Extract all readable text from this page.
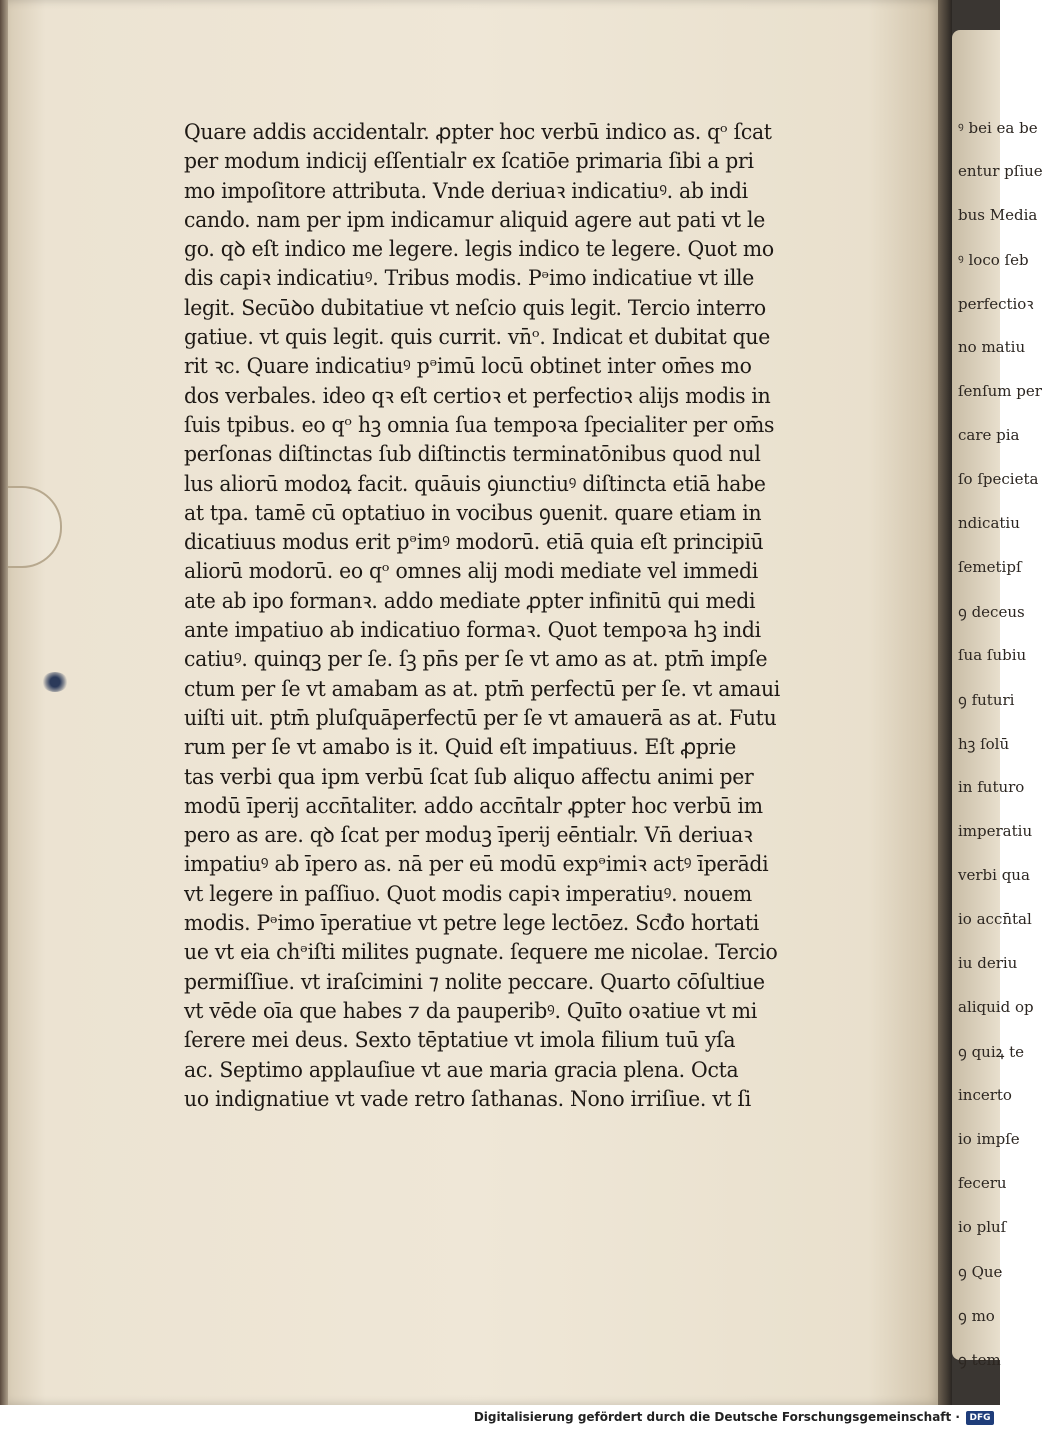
Quare addis accidentalr. ꝓpter hoc verbū indico as. qᵒ ſcat
per modum indicij eſſentialr ex ſcatiōe primaria ſibi a pri
mo impoſitore attributa. Vnde deriuaꝛ indicatiuꝰ. ab indi
cando. nam per ipm indicamur aliquid agere aut pati vt le
go. qꝺ eſt indico me legere. legis indico te legere. Quot mo
dis capiꝛ indicatiuꝰ. Tribus modis. Pᵊimo indicatiue vt ille
legit. Secūꝺo dubitatiue vt neſcio quis legit. Tercio interro
gatiue. vt quis legit. quis currit. vn̄ᵒ. Indicat et dubitat que
rit ꝛc. Quare indicatiuꝰ pᵊimū locū obtinet inter om̄es mo
dos verbales. ideo qꝛ eſt certioꝛ et perfectioꝛ alijs modis in
ſuis tpibus. eo qᵒ hꝫ omnia ſua tempoꝛa ſpecialiter per om̄s
perſonas diſtinctas ſub diſtinctis terminatōnibus quod nul
lus aliorū modoꝝ facit. quāuis ꝯiunctiuꝰ diſtincta etiā habe
at tpa. tamē cū optatiuo in vocibus ꝯuenit. quare etiam in
dicatiuus modus erit pᵊimꝰ modorū. etiā quia eſt principiū
aliorū modorū. eo qᵒ omnes alij modi mediate vel immedi
ate ab ipo formanꝛ. addo mediate ꝓpter infinitū qui medi
ante impatiuo ab indicatiuo formaꝛ. Quot tempoꝛa hꝫ indi
catiuꝰ. quinqꝫ per ſe. ſꝫ pn̄s per ſe vt amo as at. ptm̄ impſe
ctum per ſe vt amabam as at. ptm̄ perfectū per ſe. vt amaui
uiſti uit. ptm̄ pluſquāperfectū per ſe vt amauerā as at. Futu
rum per ſe vt amabo is it. Quid eſt impatiuus. Eſt ꝓprie
tas verbi qua ipm verbū ſcat ſub aliquo affectu animi per
modū īperij accn̄taliter. addo accn̄talr ꝓpter hoc verbū im
pero as are. qꝺ ſcat per moduꝫ īperij eēntialr. Vn̄ deriuaꝛ
impatiuꝰ ab īpero as. nā per eū modū expᵊimiꝛ actꝰ īperādi
vt legere in paſſiuo. Quot modis capiꝛ imperatiuꝰ. nouem
modis. Pᵊimo īperatiue vt petre lege lectōez. Scđo hortati
ue vt eia chᵊiſti milites pugnate. ſequere me nicolae. Tercio
permiſſiue. vt iraſcimini ⁊ nolite peccare. Quarto cōſultiue
vt vēde oīa que habes ⁊ da pauperibꝰ. Quīto oꝛatiue vt mi
ſerere mei deus. Sexto tēptatiue vt imola filium tuū yſa
ac. Septimo applauſiue vt aue maria gracia plena. Octa
uo indignatiue vt vade retro ſathanas. Nono irriſiue. vt ſi
ꝰ bei ea be
entur pſiue
bus Media
ꝰ loco ſeb
perfectioꝛ
no matiu
ſenſum per
care pia
ſo ſpecieta
ndicatiu
ſemetipſ
ꝯ deceus
ſua ſubiu
ꝯ futuri
hꝫ ſolū
in futuro
imperatiu
verbi qua
io accn̄tal
iu deriu
aliquid op
ꝯ quiꝝ te
incerto
io impſe
feceru
io pluſ
ꝯ Que
ꝯ mo
ꝯ tem
Digitalisierung gefördert durch die Deutsche Forschungsgemeinschaft ·	DFG
